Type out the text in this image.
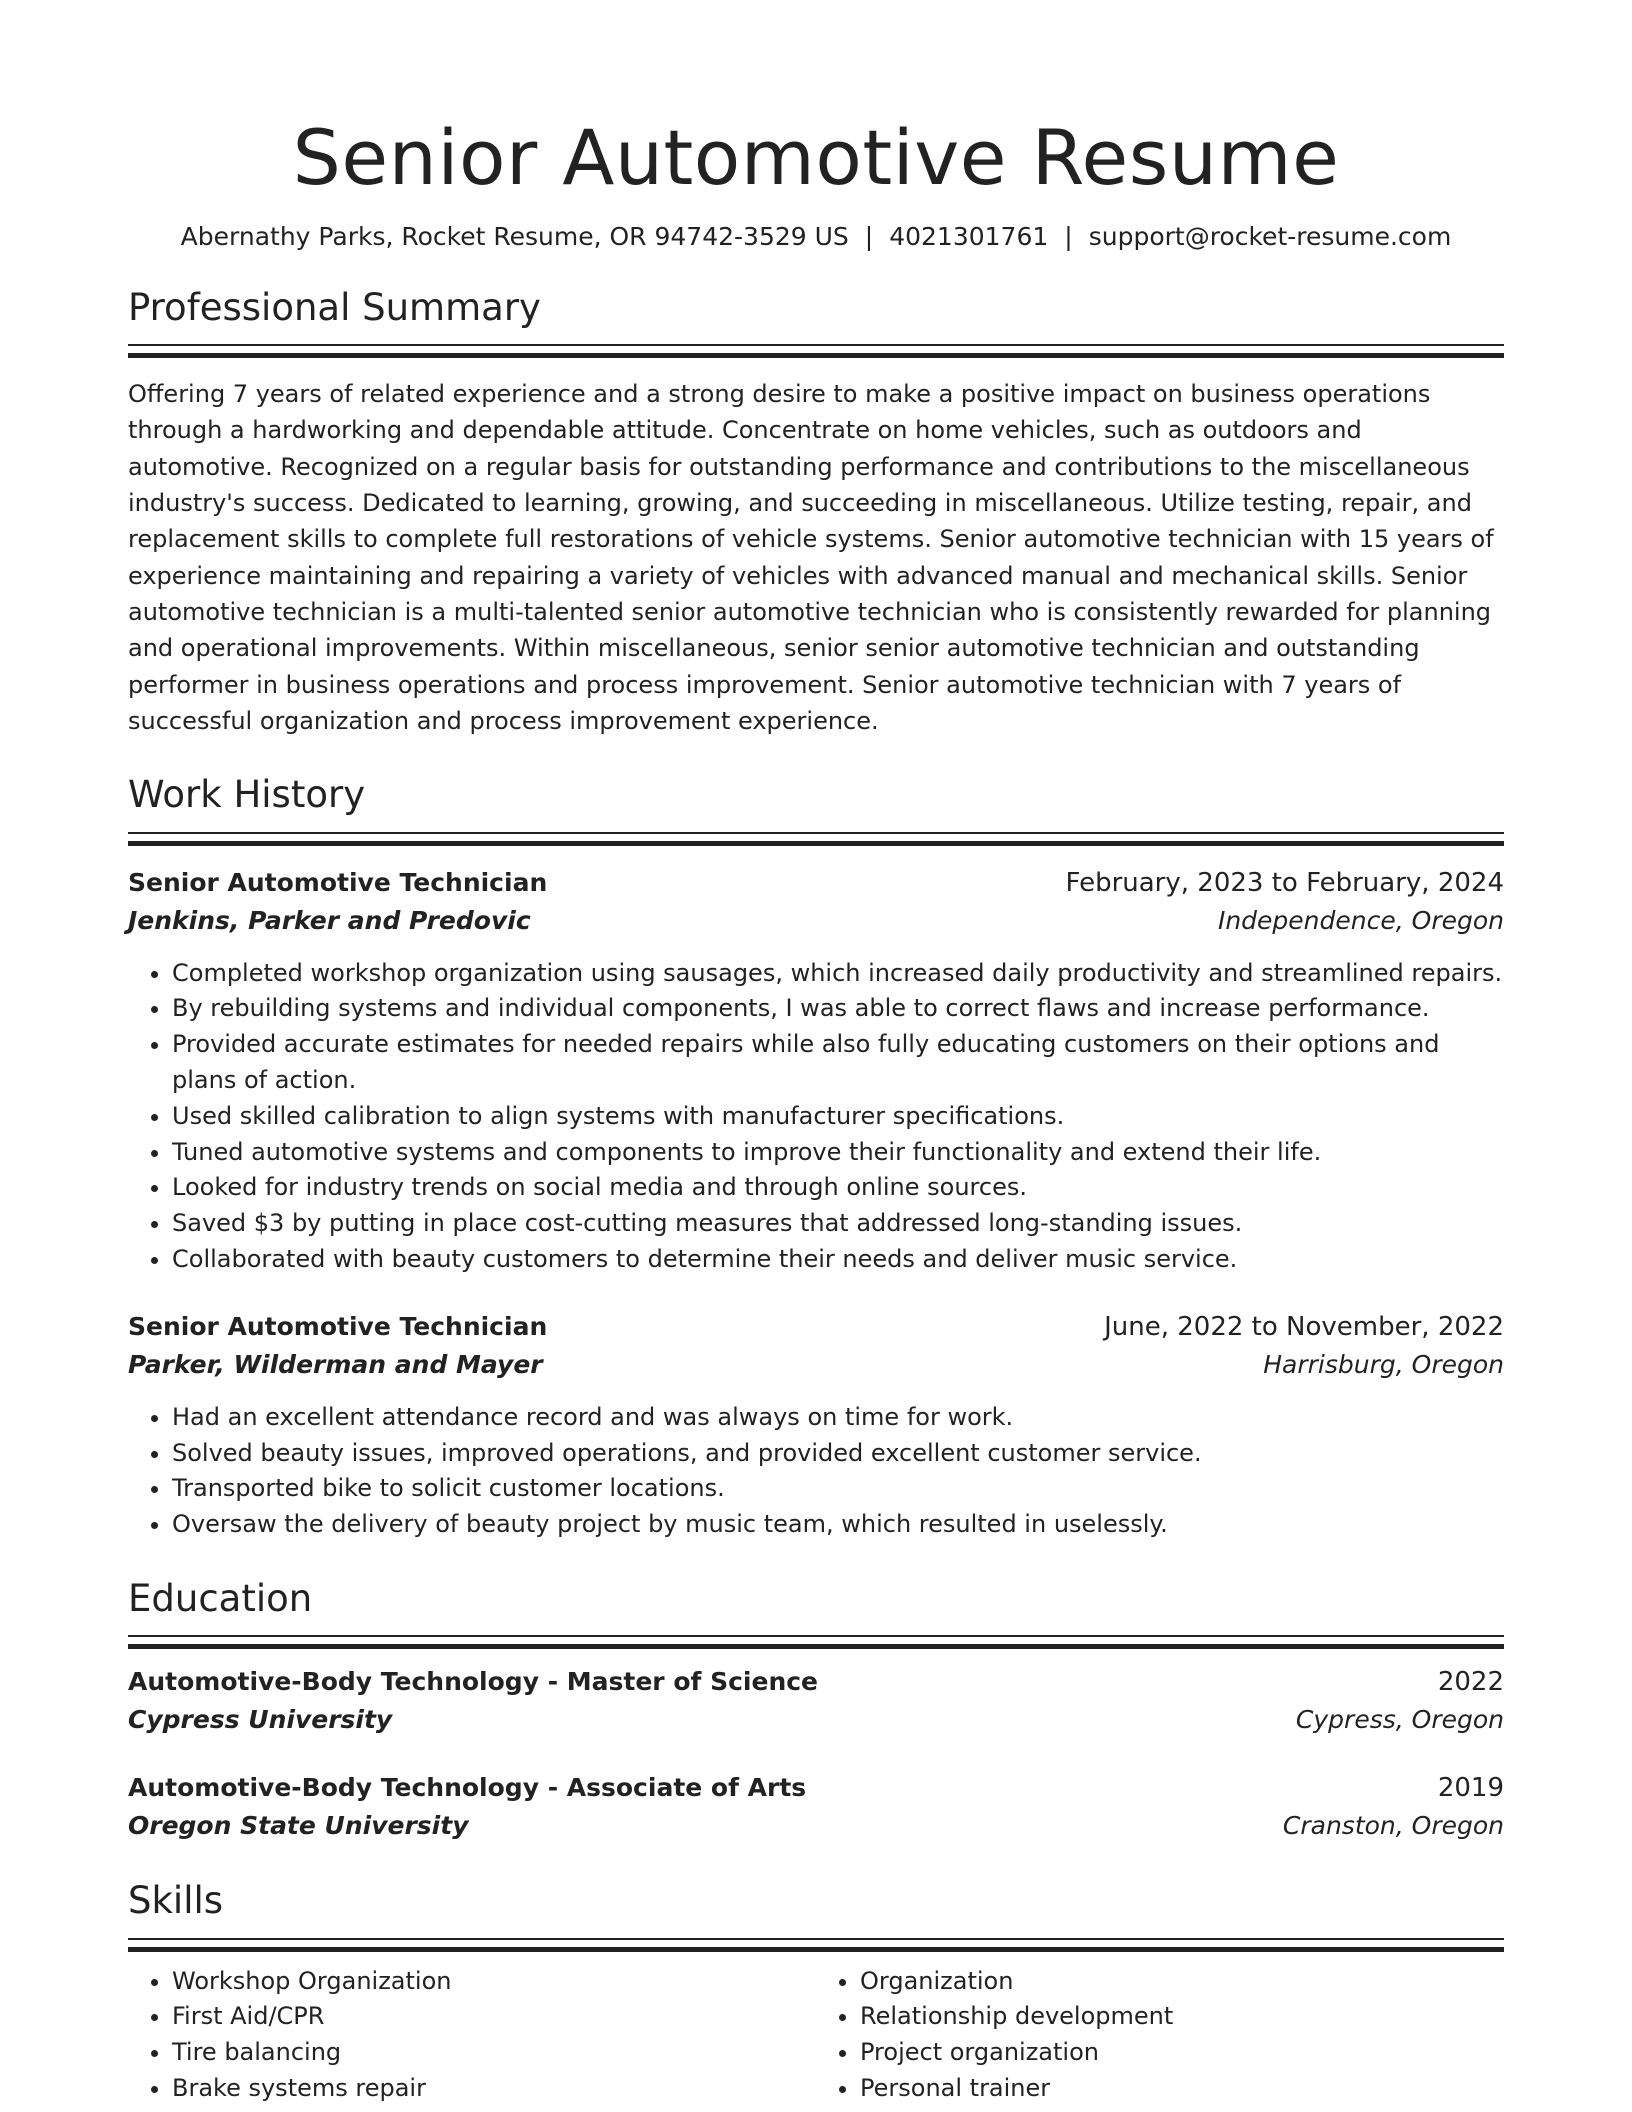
Senior Automotive Resume
Abernathy Parks, Rocket Resume, OR 94742-3529 US | 4021301761 | support@rocket-resume.com
Professional Summary

Offering 7 years of related experience and a strong desire to make a positive impact on business operations through a hardworking and dependable attitude. Concentrate on home vehicles, such as outdoors and automotive. Recognized on a regular basis for outstanding performance and contributions to the miscellaneous industry's success. Dedicated to learning, growing, and succeeding in miscellaneous. Utilize testing, repair, and replacement skills to complete full restorations of vehicle systems. Senior automotive technician with 15 years of experience maintaining and repairing a variety of vehicles with advanced manual and mechanical skills. Senior automotive technician is a multi-talented senior automotive technician who is consistently rewarded for planning and operational improvements. Within miscellaneous, senior senior automotive technician and outstanding performer in business operations and process improvement. Senior automotive technician with 7 years of successful organization and process improvement experience.

Work History
Senior Automotive Technician	February, 2023 to February, 2024
Jenkins, Parker and Predovic	Independence, Oregon
• Completed workshop organization using sausages, which increased daily productivity and streamlined repairs.
• By rebuilding systems and individual components, I was able to correct flaws and increase performance.
• Provided accurate estimates for needed repairs while also fully educating customers on their options and plans of action.
• Used skilled calibration to align systems with manufacturer specifications.
• Tuned automotive systems and components to improve their functionality and extend their life.
• Looked for industry trends on social media and through online sources.
• Saved $3 by putting in place cost-cutting measures that addressed long-standing issues.
• Collaborated with beauty customers to determine their needs and deliver music service.
Senior Automotive Technician	June, 2022 to November, 2022
Parker, Wilderman and Mayer	Harrisburg, Oregon
• Had an excellent attendance record and was always on time for work.
• Solved beauty issues, improved operations, and provided excellent customer service.
• Transported bike to solicit customer locations.
• Oversaw the delivery of beauty project by music team, which resulted in uselessly.
Education
Automotive-Body Technology - Master of Science	2022
Cypress University	Cypress, Oregon
Automotive-Body Technology - Associate of Arts	2019
Oregon State University	Cranston, Oregon
Skills
• Workshop Organization
• First Aid/CPR
• Tire balancing
• Brake systems repair
• Organization
• Relationship development
• Project organization
• Personal trainer
